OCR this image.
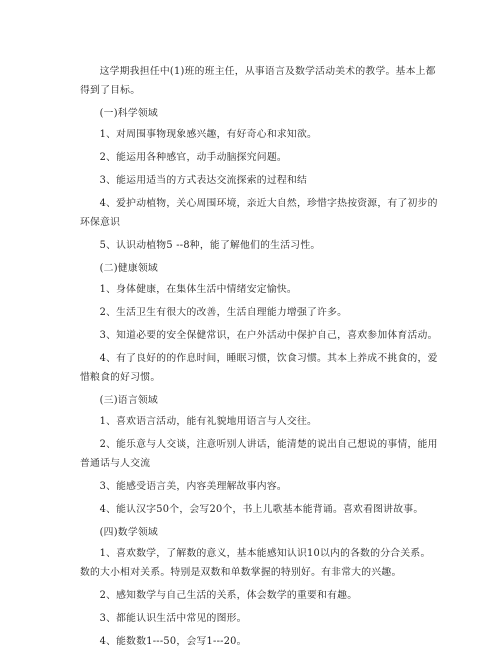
这学期我担任中(1)班的班主任，从事语言及数学活动美术的教学。基本上都得到了目标。

(一)科学领域

1、对周围事物现象感兴趣，有好奇心和求知欲。

2、能运用各种感官，动手动脑探究问题。

3、能运用适当的方式表达交流探索的过程和结

4、爱护动植物，关心周围环境，亲近大自然，珍惜字热按资源，有了初步的环保意识

5、认识动植物5 --8种，能了解他们的生活习性。

(二)健康领域

1、身体健康，在集体生活中情绪安定愉快。

2、生活卫生有很大的改善，生活自理能力增强了许多。

3、知道必要的安全保健常识，在户外活动中保护自己，喜欢参加体育活动。

4、有了良好的的作息时间，睡眠习惯，饮食习惯。其本上养成不挑食的，爱惜粮食的好习惯。

(三)语言领域

1、喜欢语言活动，能有礼貌地用语言与人交往。

2、能乐意与人交谈，注意听别人讲话，能清楚的说出自己想说的事情，能用普通话与人交流

3、能感受语言美，内容美理解故事内容。

4、能认汉字50个，会写20个，书上儿歌基本能背诵。喜欢看图讲故事。

(四)数学领域

1、喜欢数学，了解数的意义，基本能感知认识10以内的各数的分合关系。数的大小相对关系。特别是双数和单数掌握的特别好。有非常大的兴趣。

2、感知数学与自己生活的关系，体会数学的重要和有趣。

3、都能认识生活中常见的图形。

4、能数数1---50，会写1---20。
